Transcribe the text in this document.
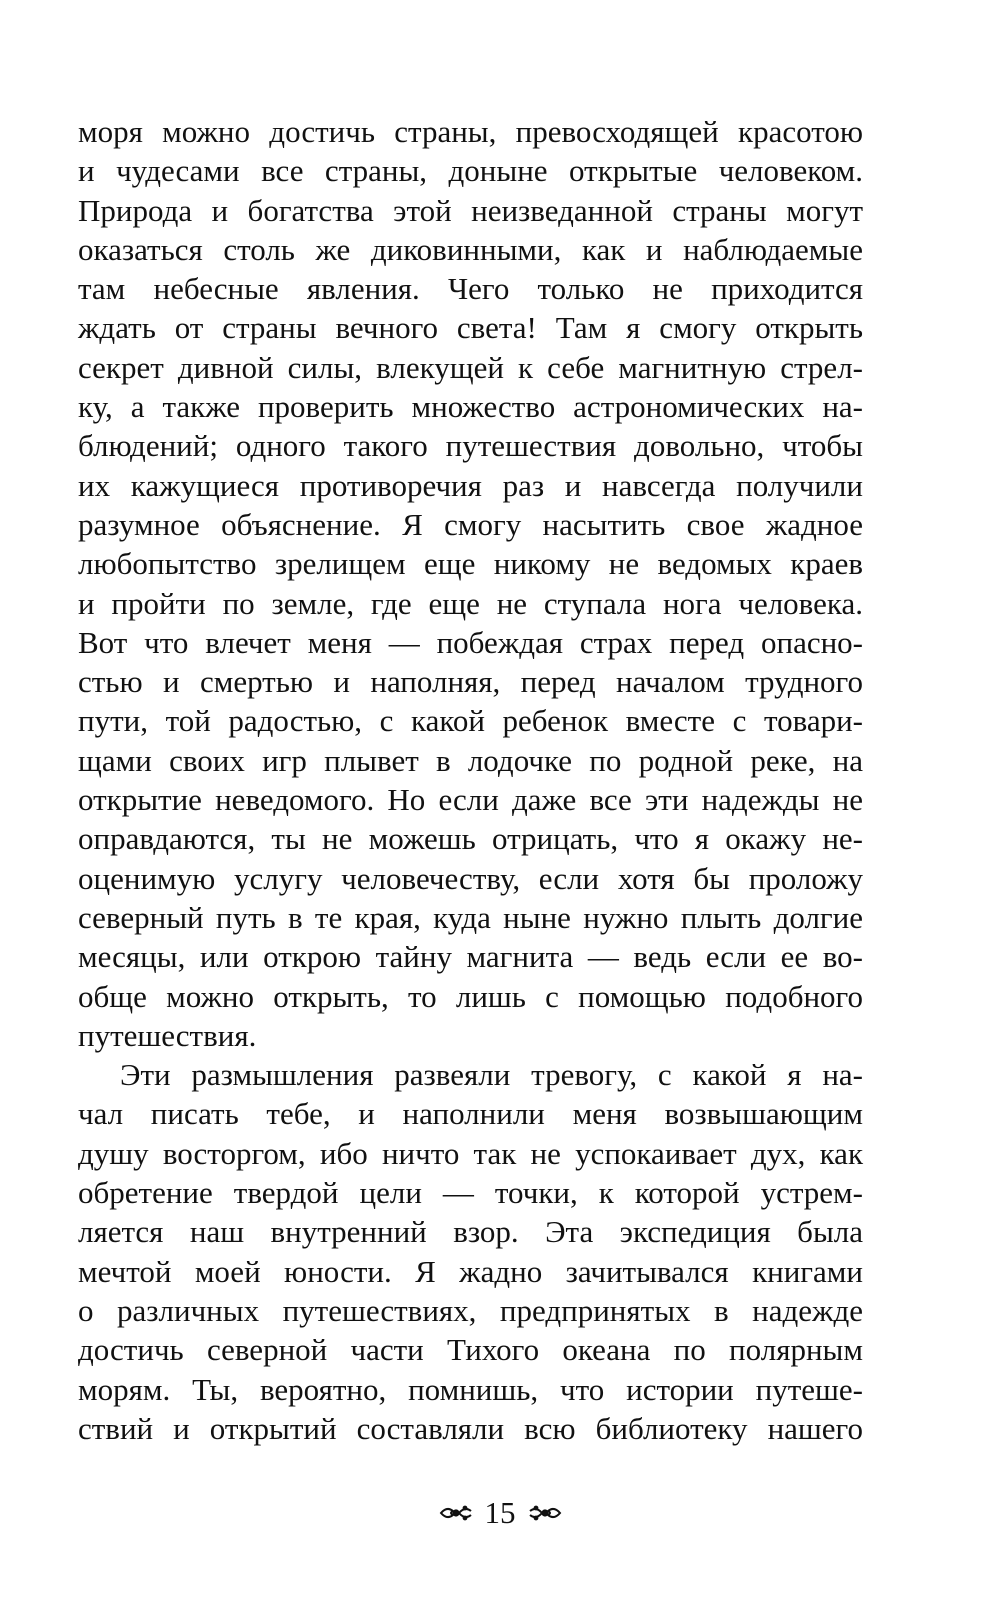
моря можно достичь страны, превосходящей красотою
и чудесами все страны, доныне открытые человеком.
Природа и богатства этой неизведанной страны могут
оказаться столь же диковинными, как и наблюдаемые
там небесные явления. Чего только не приходится
ждать от страны вечного света! Там я смогу открыть
секрет дивной силы, влекущей к себе магнитную стрел-
ку, а также проверить множество астрономических на-
блюдений; одного такого путешествия довольно, чтобы
их кажущиеся противоречия раз и навсегда получили
разумное объяснение. Я смогу насытить свое жадное
любопытство зрелищем еще никому не ведомых краев
и пройти по земле, где еще не ступала нога человека.
Вот что влечет меня — побеждая страх перед опасно-
стью и смертью и наполняя, перед началом трудного
пути, той радостью, с какой ребенок вместе с товари-
щами своих игр плывет в лодочке по родной реке, на
открытие неведомого. Но если даже все эти надежды не
оправдаются, ты не можешь отрицать, что я окажу не-
оценимую услугу человечеству, если хотя бы проложу
северный путь в те края, куда ныне нужно плыть долгие
месяцы, или открою тайну магнита — ведь если ее во-
обще можно открыть, то лишь с помощью подобного
путешествия.
Эти размышления развеяли тревогу, с какой я на-
чал писать тебе, и наполнили меня возвышающим
душу восторгом, ибо ничто так не успокаивает дух, как
обретение твердой цели — точки, к которой устрем-
ляется наш внутренний взор. Эта экспедиция была
мечтой моей юности. Я жадно зачитывался книгами
о различных путешествиях, предпринятых в надежде
достичь северной части Тихого океана по полярным
морям. Ты, вероятно, помнишь, что истории путеше-
ствий и открытий составляли всю библиотеку нашего
15
